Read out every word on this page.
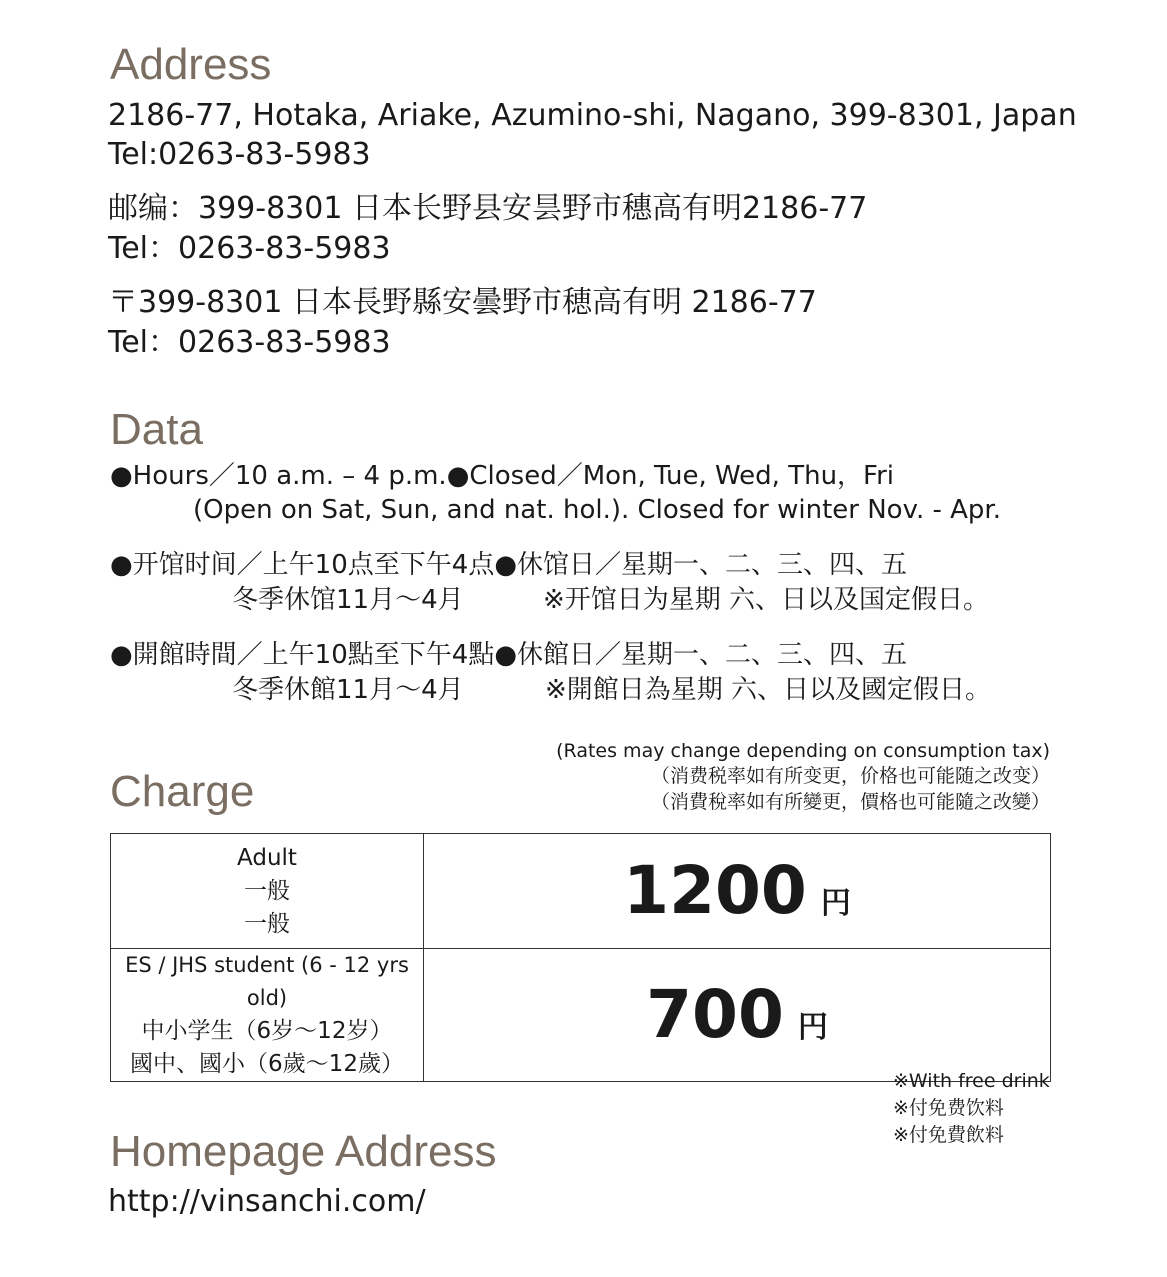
Address
2186-77, Hotaka, Ariake, Azumino-shi, Nagano, 399-8301, Japan
Tel:0263-83-5983
邮编：399-8301 日本长野县安昙野市穗高有明2186-77
Tel：0263-83-5983
〒399-8301 日本長野縣安曇野市穂高有明 2186-77
Tel：0263-83-5983
Data
●Hours／10 a.m. – 4 p.m.●Closed／Mon, Tue, Wed, Thu，Fri
(Open on Sat, Sun, and nat. hol.). Closed for winter Nov. - Apr.
●开馆时间／上午10点至下午4点●休馆日／星期一、二、三、四、五
冬季休馆11月～4月	※开馆日为星期 六、日以及国定假日。
●開館時間／上午10點至下午4點●休館日／星期一、二、三、四、五
冬季休館11月～4月	※開館日為星期 六、日以及國定假日。
Charge
(Rates may change depending on consumption tax)
（消费税率如有所变更，价格也可能随之改变）
（消費稅率如有所變更，價格也可能隨之改變）
Adult
一般
一般	1200 円

ES / JHS student (6 - 12 yrs old)
中小学生（6岁～12岁）
國中、國小（6歲～12歲）	700 円
※With free drink
※付免费饮料
※付免費飲料
Homepage Address
http://vinsanchi.com/
